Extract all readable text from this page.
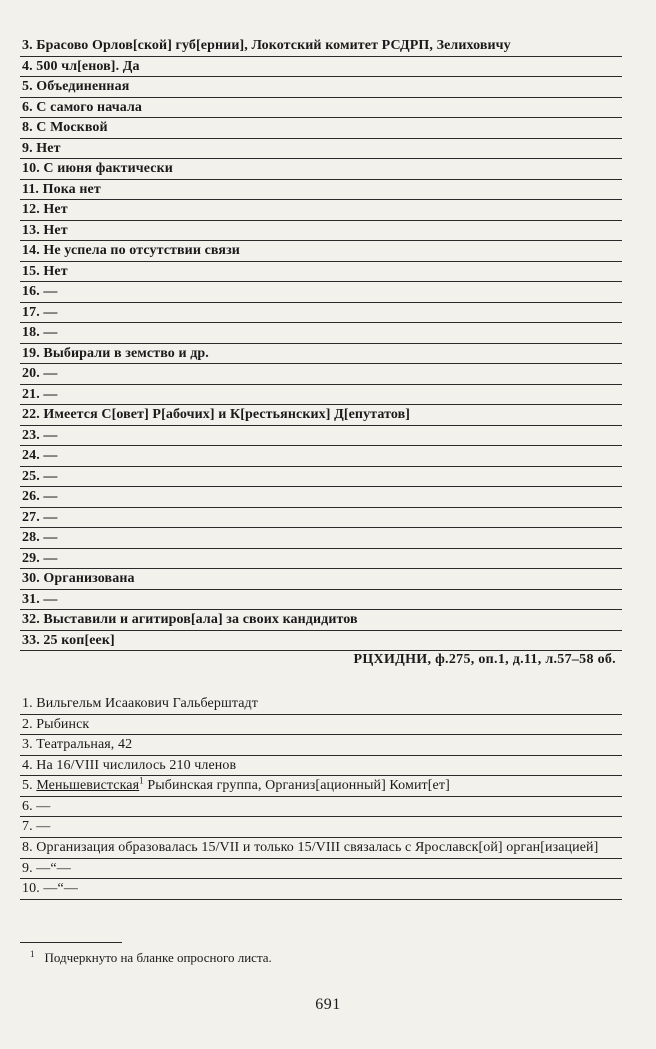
3. Брасово Орлов[ской] губ[ернии], Локотский комитет РСДРП, Зелиховичу
4. 500 чл[енов]. Да
5. Объединенная
6. С самого начала
8. С Москвой
9. Нет
10. С июня фактически
11. Пока нет
12. Нет
13. Нет
14. Не успела по отсутствии связи
15. Нет
16. —
17. —
18. —
19. Выбирали в земство и др.
20. —
21. —
22. Имеется С[овет] Р[абочих] и К[рестьянских] Д[епутатов]
23. —
24. —
25. —
26. —
27. —
28. —
29. —
30. Организована
31. —
32. Выставили и агитиров[ала] за своих кандидитов
33. 25 коп[еек]
РЦХИДНИ, ф.275, оп.1, д.11, л.57–58 об.
1. Вильгельм Исаакович Гальберштадт
2. Рыбинск
3. Театральная, 42
4. На 16/VIII числилось 210 членов
5. Меньшевистская$^1$ Рыбинская группа, Организ[ационный] Комит[ет]
6. —
7. —
8. Организация образовалась 15/VII и только 15/VIII связалась с Ярославск[ой] орган[изацией]
9. —“—
10. —“—
$^1$ Подчеркнуто на бланке опросного листа.
691
